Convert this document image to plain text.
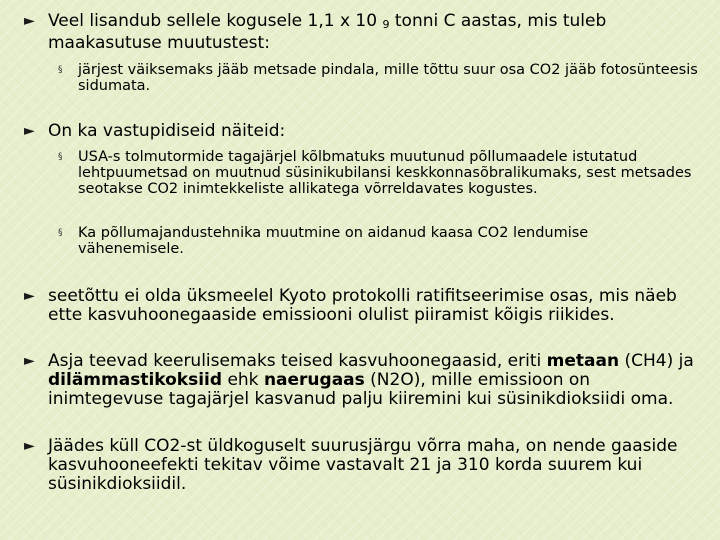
► Veel lisandub sellele kogusele 1,1 x 10 9 tonni C aastas, mis tuleb maakasutuse muutustest:
§ järjest väiksemaks jääb metsade pindala, mille tõttu suur osa CO2 jääb fotosünteesis sidumata.
► On ka vastupidiseid näiteid:
§ USA-s tolmutormide tagajärjel kõlbmatuks muutunud põllumaadele istutatud lehtpuumetsad on muutnud süsinikubilansi keskkonnasõbralikumaks, sest metsades seotakse CO2 inimtekkeliste allikatega võrreldavates kogustes.
§ Ka põllumajandustehnika muutmine on aidanud kaasa CO2 lendumise vähenemisele.
► seetõttu ei olda üksmeelel Kyoto protokolli ratifitseerimise osas, mis näeb ette kasvuhoonegaaside emissiooni olulist piiramist kõigis riikides.
► Asja teevad keerulisemaks teised kasvuhoonegaasid, eriti metaan (CH4) ja dilämmastikoksiid ehk naerugaas (N2O), mille emissioon on inimtegevuse tagajärjel kasvanud palju kiiremini kui süsinikdioksiidi oma.
► Jäädes küll CO2-st üldkoguselt suurusjärgu võrra maha, on nende gaaside kasvuhooneefekti tekitav võime vastavalt 21 ja 310 korda suurem kui süsinikdioksiidil.
